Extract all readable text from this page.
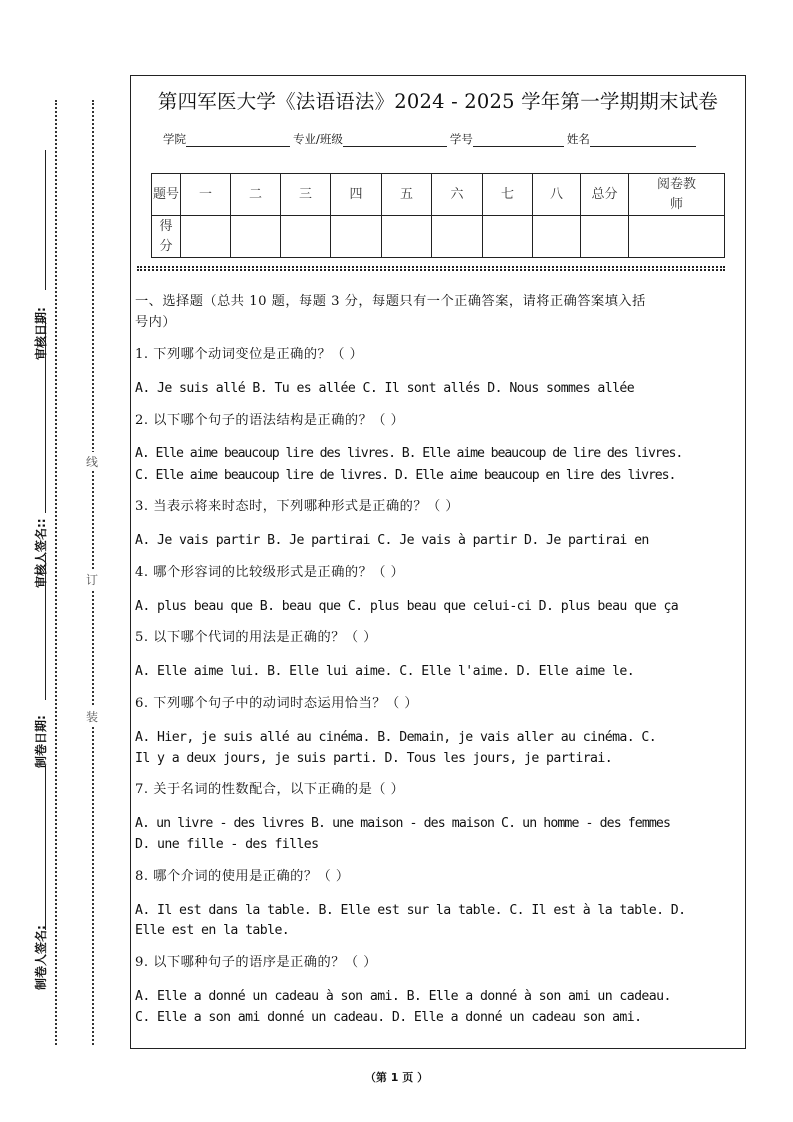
制卷人签名:
制卷日期:
审核人签名::
审核日期:
线
订
装
第四军医大学《法语语法》2024 - 2025 学年第一学期期末试卷
学院	专业/班级	学号	姓名
题号	一	二	三	四	五	六	七	八	总分	阅卷教师
得分										
一、选择题（总共 10 题，每题 3 分，每题只有一个正确答案，请将正确答案填入括
号内）
1. 下列哪个动词变位是正确的？（ ）
A. Je suis allé B. Tu es allée C. Il sont allés D. Nous sommes allée
2. 以下哪个句子的语法结构是正确的？（ ）
A. Elle aime beaucoup lire des livres. B. Elle aime beaucoup de lire des livres.
C. Elle aime beaucoup lire de livres. D. Elle aime beaucoup en lire des livres.
3. 当表示将来时态时，下列哪种形式是正确的？（ ）
A. Je vais partir B. Je partirai C. Je vais à partir D. Je partirai en
4. 哪个形容词的比较级形式是正确的？（ ）
A. plus beau que B. beau que C. plus beau que celui-ci D. plus beau que ça
5. 以下哪个代词的用法是正确的？（ ）
A. Elle aime lui. B. Elle lui aime. C. Elle l'aime. D. Elle aime le.
6. 下列哪个句子中的动词时态运用恰当？（ ）
A. Hier, je suis allé au cinéma. B. Demain, je vais aller au cinéma. C.
Il y a deux jours, je suis parti. D. Tous les jours, je partirai.
7. 关于名词的性数配合，以下正确的是（ ）
A. un livre - des livres B. une maison - des maison C. un homme - des femmes
D. une fille - des filles
8. 哪个介词的使用是正确的？（ ）
A. Il est dans la table. B. Elle est sur la table. C. Il est à la table. D.
Elle est en la table.
9. 以下哪种句子的语序是正确的？（ ）
A. Elle a donné un cadeau à son ami. B. Elle a donné à son ami un cadeau.
C. Elle a son ami donné un cadeau. D. Elle a donné un cadeau son ami.
（第 1 页 ）
